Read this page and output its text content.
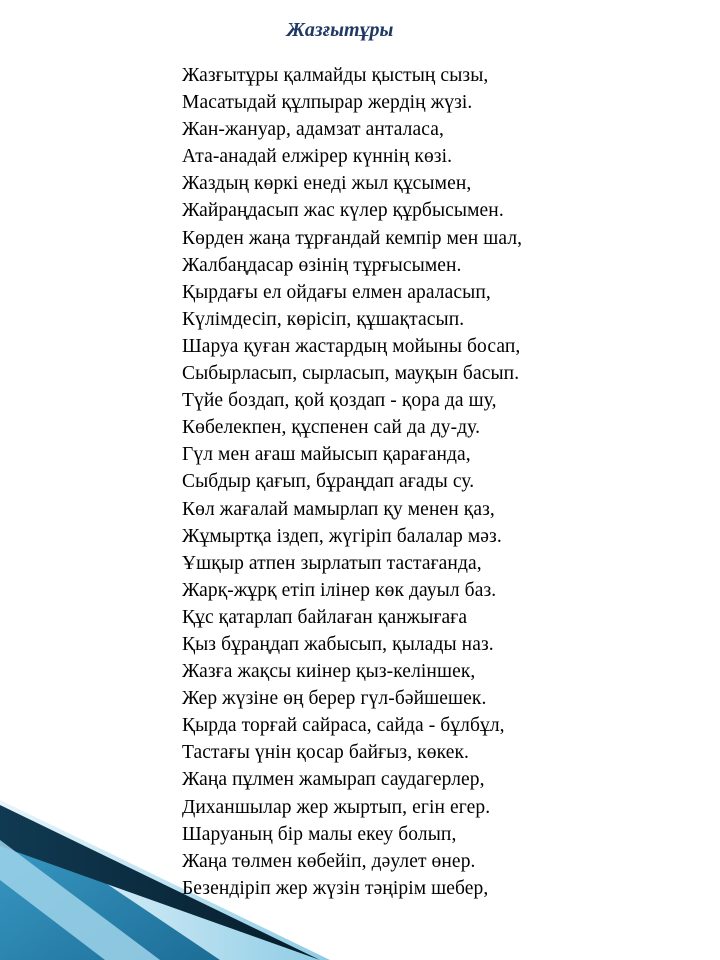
Жазғытұры
Жазғытұры қалмайды қыстың сызы,
Масатыдай құлпырар жердің жүзі.
Жан-жануар, адамзат анталаса,
Ата-анадай елжірер күннің көзі.
Жаздың көркі енеді жыл құсымен,
Жайраңдасып жас күлер құрбысымен.
Көрден жаңа тұрғандай кемпір мен шал,
Жалбаңдасар өзінің тұрғысымен.
Қырдағы ел ойдағы елмен араласып,
Күлімдесіп, көрісіп, құшақтасып.
Шаруа қуған жастардың мойыны босап,
Сыбырласып, сырласып, мауқын басып.
Түйе боздап, қой қоздап - қора да шу,
Көбелекпен, құспенен сай да ду-ду.
Гүл мен ағаш майысып қарағанда,
Сыбдыр қағып, бұраңдап ағады су.
Көл жағалай мамырлап қу менен қаз,
Жұмыртқа іздеп, жүгіріп балалар мәз.
Ұшқыр атпен зырлатып тастағанда,
Жарқ-жұрқ етіп ілінер көк дауыл баз.
Құс қатарлап байлаған қанжығаға
Қыз бұраңдап жабысып, қылады наз.
Жазға жақсы киінер қыз-келіншек,
Жер жүзіне өң берер гүл-бәйшешек.
Қырда торғай сайраса, сайда - бұлбұл,
Тастағы үнін қосар байғыз, көкек.
Жаңа пұлмен жамырап саудагерлер,
Диханшылар жер жыртып, егін егер.
Шаруаның бір малы екеу болып,
Жаңа төлмен көбейіп, дәулет өнер.
Безендіріп жер жүзін тәңірім шебер,
